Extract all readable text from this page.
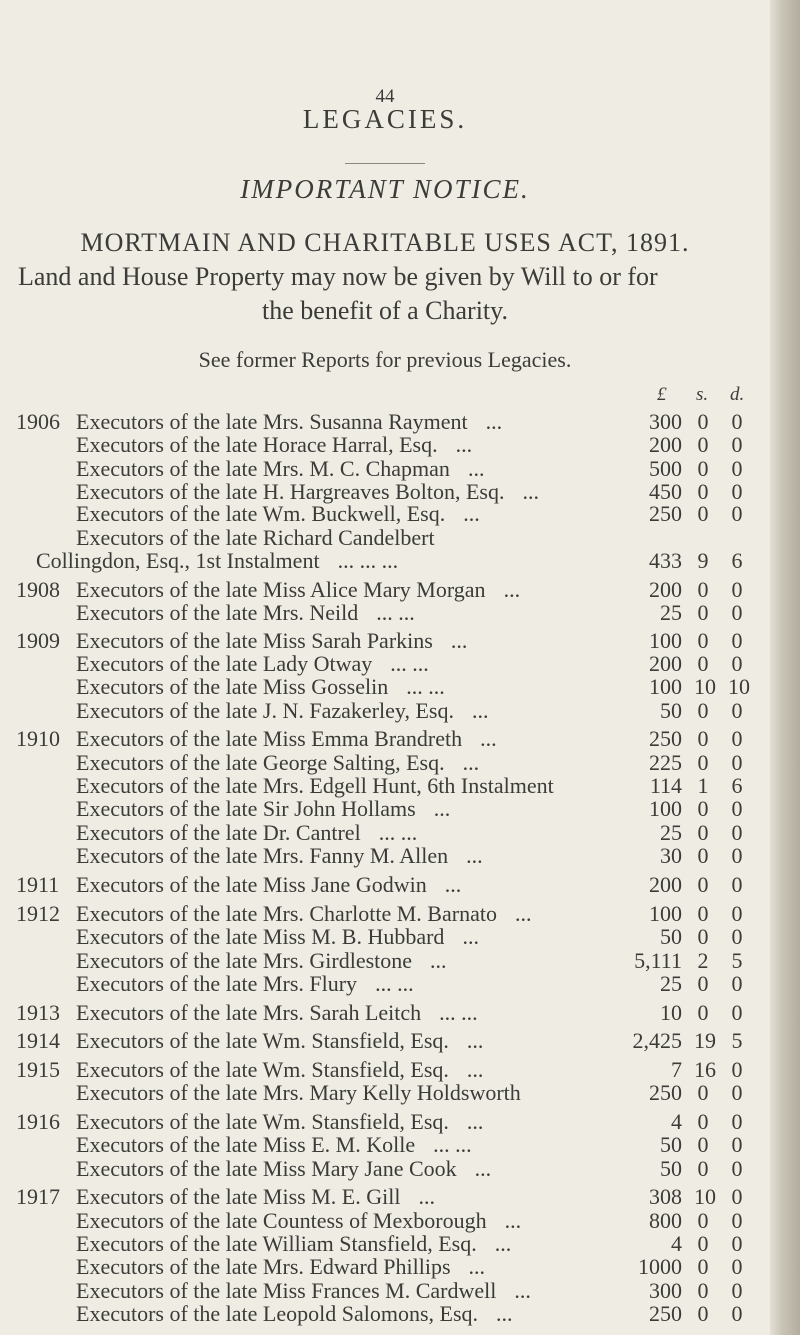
44
LEGACIES.
IMPORTANT NOTICE.
MORTMAIN AND CHARITABLE USES ACT, 1891.
Land and House Property may now be given by Will to or for
the benefit of a Charity.
See former Reports for previous Legacies.
£ s. d.
1906 Executors of the late Mrs. Susanna Rayment ...	300 0 0
Executors of the late Horace Harral, Esq. ...	200 0 0
Executors of the late Mrs. M. C. Chapman ...	500 0 0
Executors of the late H. Hargreaves Bolton, Esq. ...	450 0 0
Executors of the late Wm. Buckwell, Esq. ...	250 0 0
Executors of the late Richard Candelbert
Collingdon, Esq., 1st Instalment ... ... ...	433 9 6
1908 Executors of the late Miss Alice Mary Morgan ...	200 0 0
Executors of the late Mrs. Neild ... ...	25 0 0
1909 Executors of the late Miss Sarah Parkins ...	100 0 0
Executors of the late Lady Otway ... ...	200 0 0
Executors of the late Miss Gosselin ... ...	100 10 10
Executors of the late J. N. Fazakerley, Esq. ...	50 0 0
1910 Executors of the late Miss Emma Brandreth ...	250 0 0
Executors of the late George Salting, Esq. ...	225 0 0
Executors of the late Mrs. Edgell Hunt, 6th Instalment	114 1 6
Executors of the late Sir John Hollams ...	100 0 0
Executors of the late Dr. Cantrel ... ...	25 0 0
Executors of the late Mrs. Fanny M. Allen ...	30 0 0
1911 Executors of the late Miss Jane Godwin ...	200 0 0
1912 Executors of the late Mrs. Charlotte M. Barnato ...	100 0 0
Executors of the late Miss M. B. Hubbard ...	50 0 0
Executors of the late Mrs. Girdlestone ...	5,111 2 5
Executors of the late Mrs. Flury ... ...	25 0 0
1913 Executors of the late Mrs. Sarah Leitch ... ...	10 0 0
1914 Executors of the late Wm. Stansfield, Esq. ...	2,425 19 5
1915 Executors of the late Wm. Stansfield, Esq. ...	7 16 0
Executors of the late Mrs. Mary Kelly Holdsworth	250 0 0
1916 Executors of the late Wm. Stansfield, Esq. ...	4 0 0
Executors of the late Miss E. M. Kolle ... ...	50 0 0
Executors of the late Miss Mary Jane Cook ...	50 0 0
1917 Executors of the late Miss M. E. Gill ...	308 10 0
Executors of the late Countess of Mexborough ...	800 0 0
Executors of the late William Stansfield, Esq. ...	4 0 0
Executors of the late Mrs. Edward Phillips ...	1000 0 0
Executors of the late Miss Frances M. Cardwell ...	300 0 0
Executors of the late Leopold Salomons, Esq. ...	250 0 0
